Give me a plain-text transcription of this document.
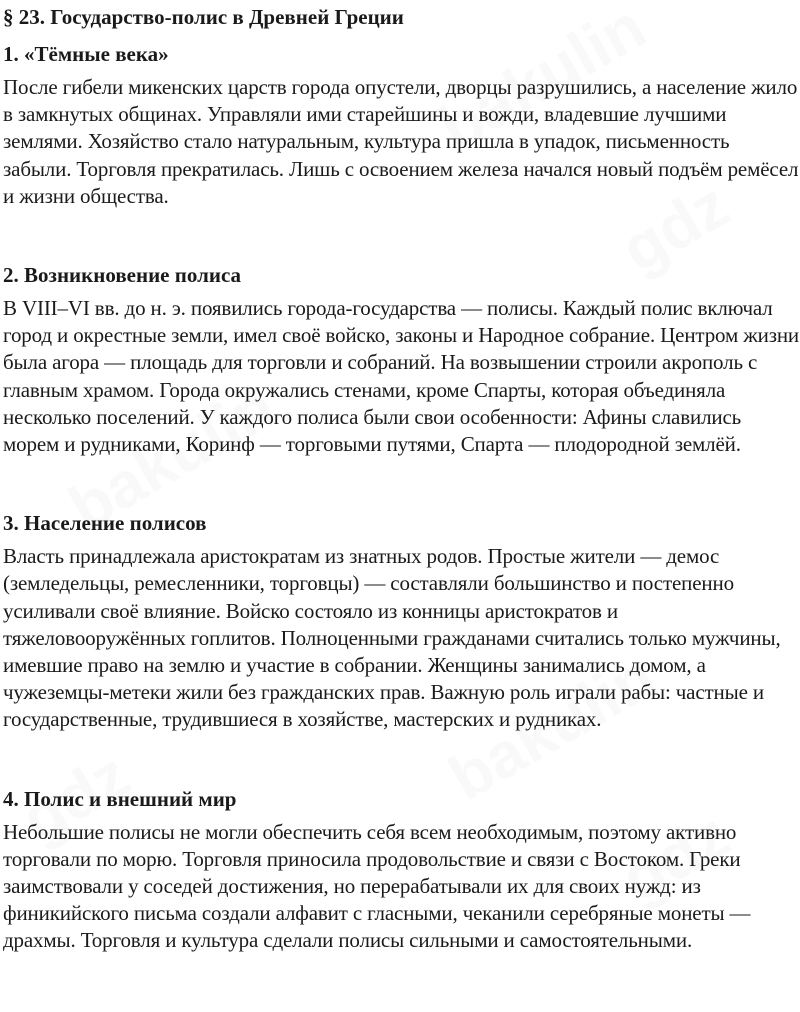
§ 23. Государство-полис в Древней Греции
1. «Тёмные века»

После гибели микенских царств города опустели, дворцы разрушились, а население жило в замкнутых общинах. Управляли ими старейшины и вожди, владевшие лучшими землями. Хозяйство стало натуральным, культура пришла в упадок, письменность забыли. Торговля прекратилась. Лишь с освоением железа начался новый подъём ремёсел и жизни общества.

2. Возникновение полиса

В VIII–VI вв. до н. э. появились города-государства — полисы. Каждый полис включал город и окрестные земли, имел своё войско, законы и Народное собрание. Центром жизни была агора — площадь для торговли и собраний. На возвышении строили акрополь с главным храмом. Города окружались стенами, кроме Спарты, которая объединяла несколько поселений. У каждого полиса были свои особенности: Афины славились морем и рудниками, Коринф — торговыми путями, Спарта — плодородной землёй.

3. Население полисов

Власть принадлежала аристократам из знатных родов. Простые жители — демос (земледельцы, ремесленники, торговцы) — составляли большинство и постепенно усиливали своё влияние. Войско состояло из конницы аристократов и тяжеловооружённых гоплитов. Полноценными гражданами считались только мужчины, имевшие право на землю и участие в собрании. Женщины занимались домом, а чужеземцы-метеки жили без гражданских прав. Важную роль играли рабы: частные и государственные, трудившиеся в хозяйстве, мастерских и рудниках.

4. Полис и внешний мир

Небольшие полисы не могли обеспечить себя всем необходимым, поэтому активно торговали по морю. Торговля приносила продовольствие и связи с Востоком. Греки заимствовали у соседей достижения, но перерабатывали их для своих нужд: из финикийского письма создали алфавит с гласными, чеканили серебряные монеты — драхмы. Торговля и культура сделали полисы сильными и самостоятельными.
